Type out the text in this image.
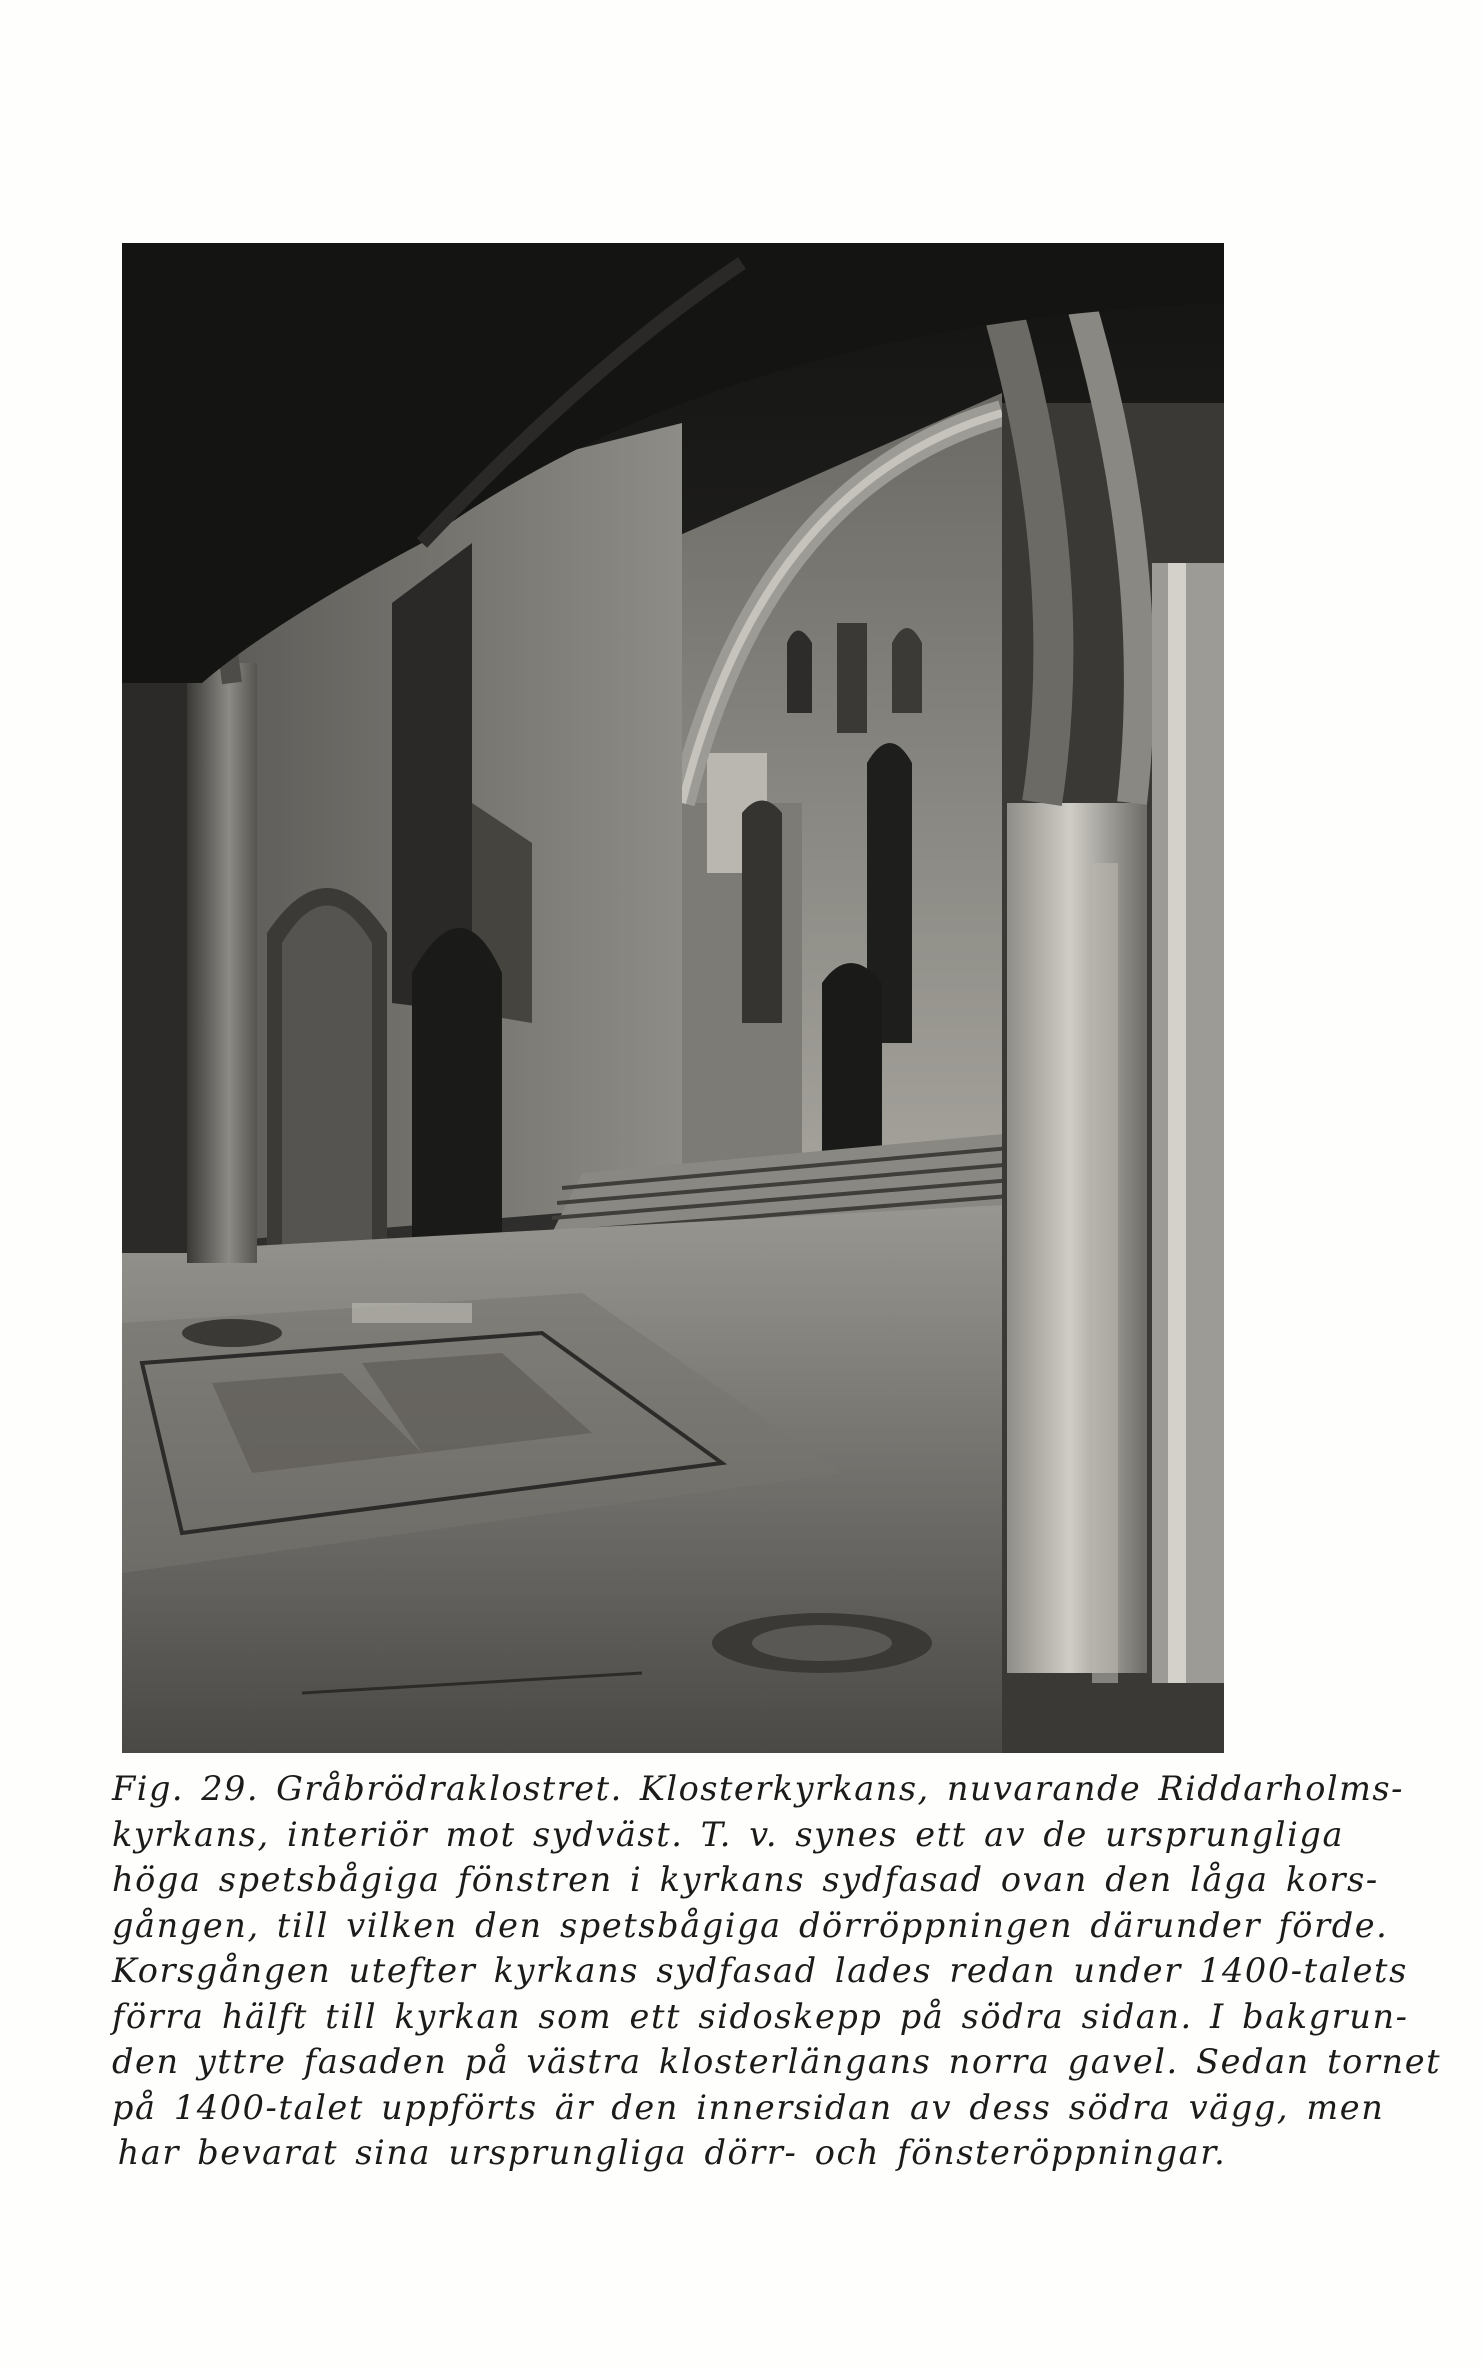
Fig. 29. Gråbrödraklostret. Klosterkyrkans, nuvarande Riddarholms-
kyrkans, interiör mot sydväst. T. v. synes ett av de ursprungliga
höga spetsbågiga fönstren i kyrkans sydfasad ovan den låga kors-
gången, till vilken den spetsbågiga dörröppningen därunder förde.
Korsgången utefter kyrkans sydfasad lades redan under 1400-talets
förra hälft till kyrkan som ett sidoskepp på södra sidan. I bakgrun-
den yttre fasaden på västra klosterlängans norra gavel. Sedan tornet
på 1400-talet uppförts är den innersidan av dess södra vägg, men
har bevarat sina ursprungliga dörr- och fönsteröppningar.
